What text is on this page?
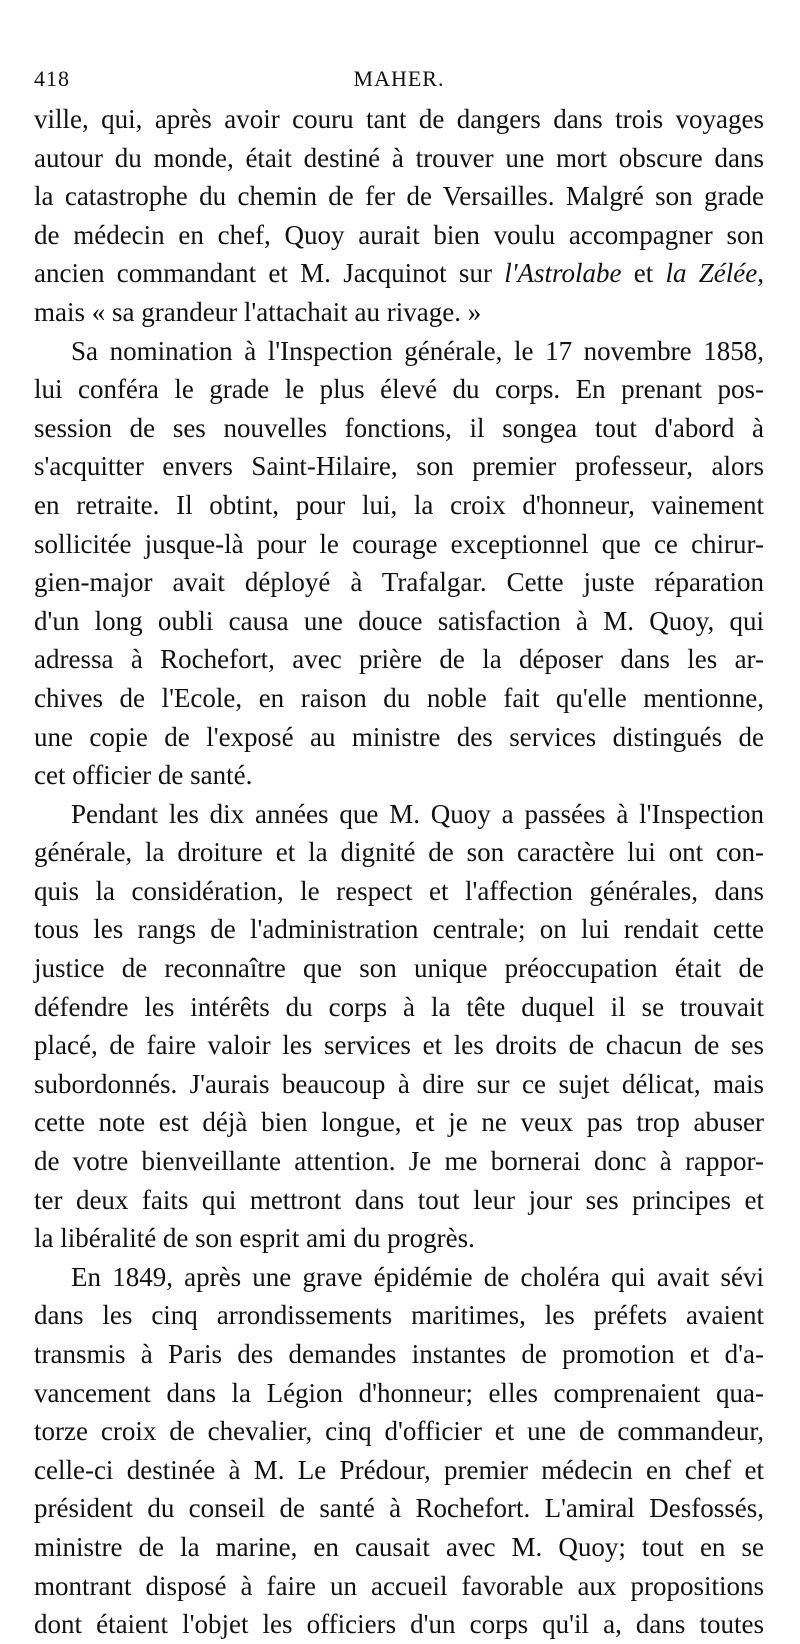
418	MAHER.

ville, qui, après avoir couru tant de dangers dans trois voyages

autour du monde, était destiné à trouver une mort obscure dans

la catastrophe du chemin de fer de Versailles. Malgré son grade

de médecin en chef, Quoy aurait bien voulu accompagner son

ancien commandant et M. Jacquinot sur l'Astrolabe et la Zélée,

mais « sa grandeur l'attachait au rivage. »

Sa nomination à l'Inspection générale, le 17 novembre 1858,

lui conféra le grade le plus élevé du corps. En prenant pos-

session de ses nouvelles fonctions, il songea tout d'abord à

s'acquitter envers Saint-Hilaire, son premier professeur, alors

en retraite. Il obtint, pour lui, la croix d'honneur, vainement

sollicitée jusque-là pour le courage exceptionnel que ce chirur-

gien-major avait déployé à Trafalgar. Cette juste réparation

d'un long oubli causa une douce satisfaction à M. Quoy, qui

adressa à Rochefort, avec prière de la déposer dans les ar-

chives de l'Ecole, en raison du noble fait qu'elle mentionne,

une copie de l'exposé au ministre des services distingués de

cet officier de santé.

Pendant les dix années que M. Quoy a passées à l'Inspection

générale, la droiture et la dignité de son caractère lui ont con-

quis la considération, le respect et l'affection générales, dans

tous les rangs de l'administration centrale; on lui rendait cette

justice de reconnaître que son unique préoccupation était de

défendre les intérêts du corps à la tête duquel il se trouvait

placé, de faire valoir les services et les droits de chacun de ses

subordonnés. J'aurais beaucoup à dire sur ce sujet délicat, mais

cette note est déjà bien longue, et je ne veux pas trop abuser

de votre bienveillante attention. Je me bornerai donc à rappor-

ter deux faits qui mettront dans tout leur jour ses principes et

la libéralité de son esprit ami du progrès.

En 1849, après une grave épidémie de choléra qui avait sévi

dans les cinq arrondissements maritimes, les préfets avaient

transmis à Paris des demandes instantes de promotion et d'a-

vancement dans la Légion d'honneur; elles comprenaient qua-

torze croix de chevalier, cinq d'officier et une de commandeur,

celle-ci destinée à M. Le Prédour, premier médecin en chef et

président du conseil de santé à Rochefort. L'amiral Desfossés,

ministre de la marine, en causait avec M. Quoy; tout en se

montrant disposé à faire un accueil favorable aux propositions

dont étaient l'objet les officiers d'un corps qu'il a, dans toutes
